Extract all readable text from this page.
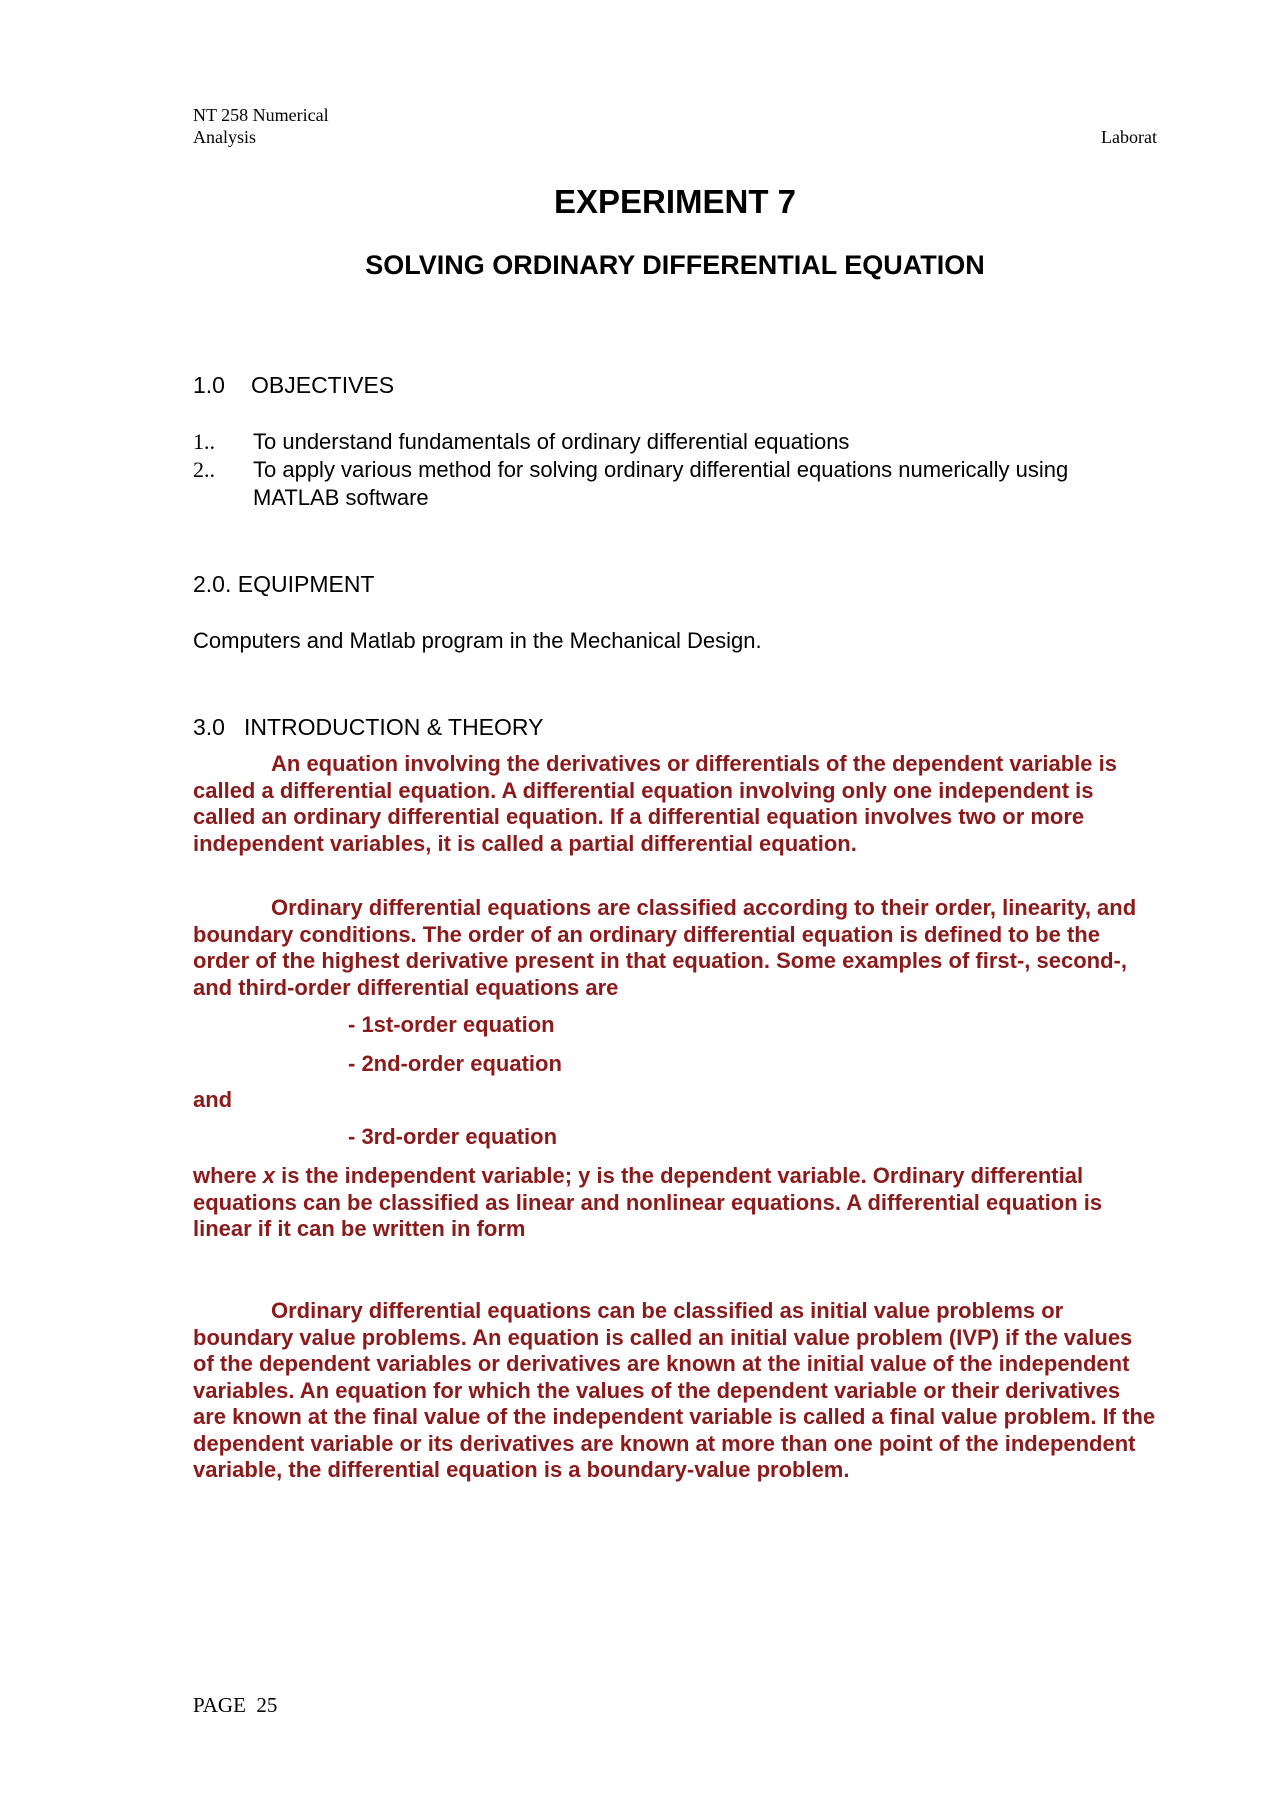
NT 258 Numerical
Analysis	Laborat
EXPERIMENT 7
SOLVING ORDINARY DIFFERENTIAL EQUATION
1.0 OBJECTIVES
1..	To understand fundamentals of ordinary differential equations
2..	To apply various method for solving ordinary differential equations numerically using MATLAB software
2.0. EQUIPMENT
Computers and Matlab program in the Mechanical Design.
3.0 INTRODUCTION & THEORY

An equation involving the derivatives or differentials of the dependent variable is called a differential equation. A differential equation involving only one independent is called an ordinary differential equation. If a differential equation involves two or more independent variables, it is called a partial differential equation.

Ordinary differential equations are classified according to their order, linearity, and boundary conditions. The order of an ordinary differential equation is defined to be the order of the highest derivative present in that equation. Some examples of first-, second-, and third-order differential equations are

- 1st-order equation
- 2nd-order equation
and
- 3rd-order equation

where x is the independent variable; y is the dependent variable. Ordinary differential equations can be classified as linear and nonlinear equations. A differential equation is linear if it can be written in form

Ordinary differential equations can be classified as initial value problems or boundary value problems. An equation is called an initial value problem (IVP) if the values of the dependent variables or derivatives are known at the initial value of the independent variables. An equation for which the values of the dependent variable or their derivatives are known at the final value of the independent variable is called a final value problem. If the dependent variable or its derivatives are known at more than one point of the independent variable, the differential equation is a boundary-value problem.

PAGE 25
